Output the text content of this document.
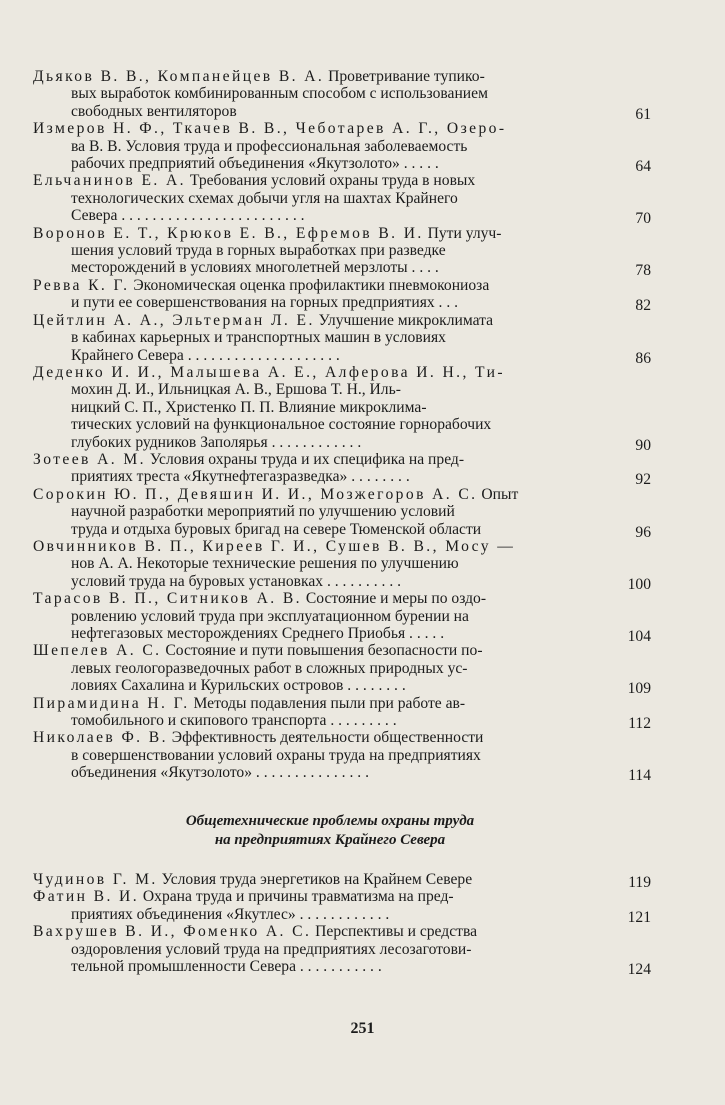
Дьяков В. В., Компанейцев В. А. Проветривание тупико-
вых выработок комбинированным способом с использованием
свободных вентиляторов	61
Измеров Н. Ф., Ткачев В. В., Чеботарев А. Г., Озеро-
ва В. В. Условия труда и профессиональная заболеваемость
рабочих предприятий объединения «Якутзолото» . . . . .	64
Ельчанинов Е. А. Требования условий охраны труда в новых
технологических схемах добычи угля на шахтах Крайнего
Севера . . . . . . . . . . . . . . . . . . . . . . . .	70
Воронов Е. Т., Крюков Е. В., Ефремов В. И. Пути улуч-
шения условий труда в горных выработках при разведке
месторождений в условиях многолетней мерзлоты . . . .	78
Ревва К. Г. Экономическая оценка профилактики пневмокониоза
и пути ее совершенствования на горных предприятиях . . .	82
Цейтлин А. А., Эльтерман Л. Е. Улучшение микроклимата
в кабинах карьерных и транспортных машин в условиях
Крайнего Севера . . . . . . . . . . . . . . . . . . . .	86
Деденко И. И., Малышева А. Е., Алферова И. Н., Ти-
мохин Д. И., Ильницкая А. В., Ершова Т. Н., Иль-
ницкий С. П., Христенко П. П. Влияние микроклима-
тических условий на функциональное состояние горнорабочих
глубоких рудников Заполярья . . . . . . . . . . . .	90
Зотеев А. М. Условия охраны труда и их специфика на пред-
приятиях треста «Якутнефтегазразведка» . . . . . . . .	92
Сорокин Ю. П., Девяшин И. И., Мозжегоров А. С. Опыт
научной разработки мероприятий по улучшению условий
труда и отдыха буровых бригад на севере Тюменской области	96
Овчинников В. П., Киреев Г. И., Сушев В. В., Мосу —
нов А. А. Некоторые технические решения по улучшению
условий труда на буровых установках . . . . . . . . . .	100
Тарасов В. П., Ситников А. В. Состояние и меры по оздо-
ровлению условий труда при эксплуатационном бурении на
нефтегазовых месторождениях Среднего Приобья . . . . .	104
Шепелев А. С. Состояние и пути повышения безопасности по-
левых геологоразведочных работ в сложных природных ус-
ловиях Сахалина и Курильских островов . . . . . . . .	109
Пирамидина Н. Г. Методы подавления пыли при работе ав-
томобильного и скипового транспорта . . . . . . . . .	112
Николаев Ф. В. Эффективность деятельности общественности
в совершенствовании условий охраны труда на предприятиях
объединения «Якутзолото» . . . . . . . . . . . . . . .	114
Общетехнические проблемы охраны труда
на предприятиях Крайнего Севера
Чудинов Г. М. Условия труда энергетиков на Крайнем Севере	119
Фатин В. И. Охрана труда и причины травматизма на пред-
приятиях объединения «Якутлес» . . . . . . . . . . . .	121
Вахрушев В. И., Фоменко А. С. Перспективы и средства
оздоровления условий труда на предприятиях лесозаготови-
тельной промышленности Севера . . . . . . . . . . .	124
251
